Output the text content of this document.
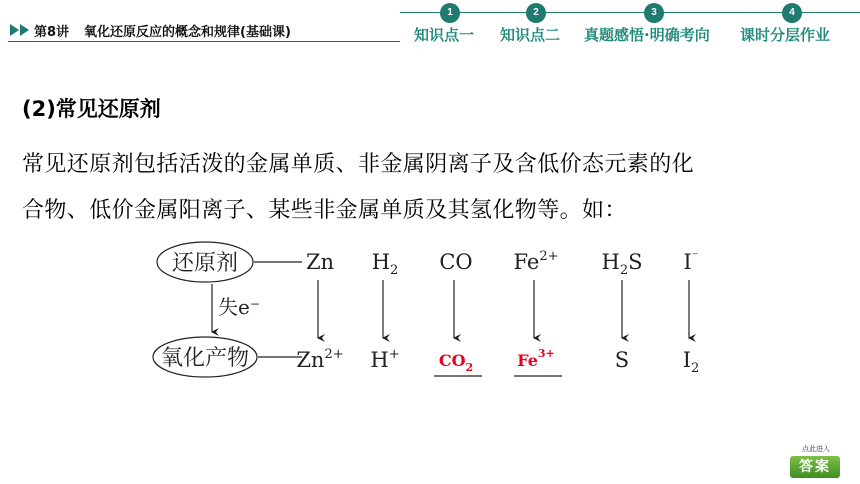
第8讲 氧化还原反应的概念和规律(基础课)
1
知识点一
2
知识点二
3
真题感悟·明确考向
4
课时分层作业
(2)常见还原剂
常见还原剂包括活泼的金属单质、非金属阴离子及含低价态元素的化
合物、低价金属阳离子、某些非金属单质及其氢化物等。如：
还原剂
氧化产物
失e⁻
Zn $H_2$ CO $Fe^{2+}$ $H_2S$ I⁻
$Zn^{2+}$ H+ $CO_2$	$Fe^{3+}$	S	$I_2$
点此进入
答案
